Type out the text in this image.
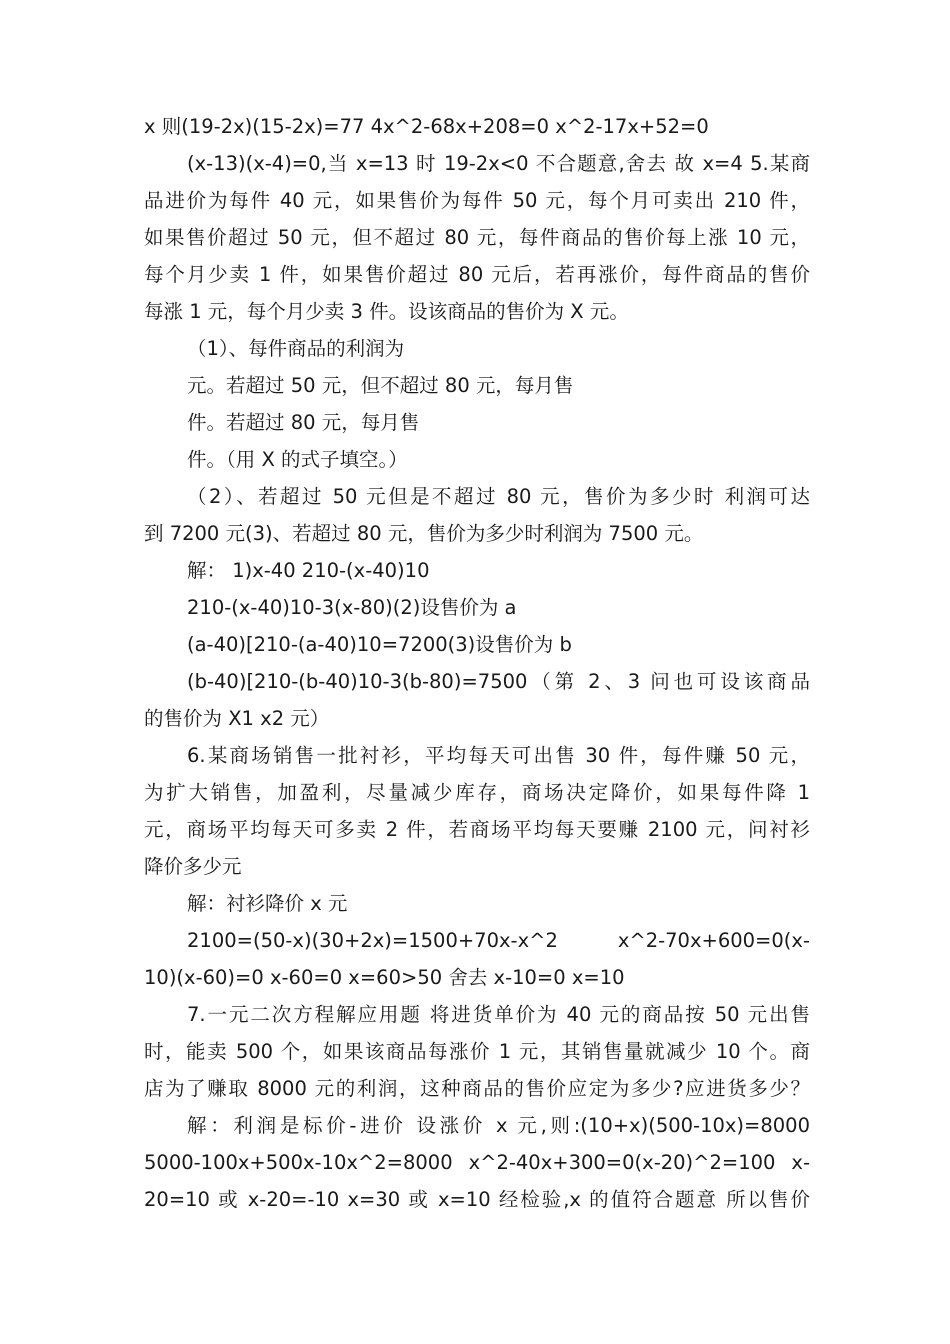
x 则(19-2x)(15-2x)=77 4x^2-68x+208=0 x^2-17x+52=0

(x-13)(x-4)=0,当 x=13 时 19-2x<0 不合题意,舍去 故 x=4 5.某商

品进价为每件 40 元，如果售价为每件 50 元，每个月可卖出 210 件，

如果售价超过 50 元，但不超过 80 元，每件商品的售价每上涨 10 元，

每个月少卖 1 件，如果售价超过 80 元后，若再涨价，每件商品的售价

每涨 1 元，每个月少卖 3 件。设该商品的售价为 X 元。

（1）、每件商品的利润为

元。若超过 50 元，但不超过 80 元，每月售

件。若超过 80 元，每月售

件。（用 X 的式子填空。）

（2）、若超过 50 元但是不超过 80 元，售价为多少时 利润可达

到 7200 元(3)、若超过 80 元，售价为多少时利润为 7500 元。

解： 1)x-40 210-(x-40)10

210-(x-40)10-3(x-80)(2)设售价为 a

(a-40)[210-(a-40)10=7200(3)设售价为 b

(b-40)[210-(b-40)10-3(b-80)=7500（第 2、3 问也可设该商品

的售价为 X1 x2 元）

6.某商场销售一批衬衫，平均每天可出售 30 件，每件赚 50 元，

为扩大销售，加盈利，尽量减少库存，商场决定降价，如果每件降 1

元，商场平均每天可多卖 2 件，若商场平均每天要赚 2100 元，问衬衫

降价多少元

解：衬衫降价 x 元

2100=(50-x)(30+2x)=1500+70x-x^2 x^2-70x+600=0(x-

10)(x-60)=0 x-60=0 x=60>50 舍去 x-10=0 x=10

7.一元二次方程解应用题 将进货单价为 40 元的商品按 50 元出售

时，能卖 500 个，如果该商品每涨价 1 元，其销售量就减少 10 个。商

店为了赚取 8000 元的利润，这种商品的售价应定为多少?应进货多少？

解：利润是标价-进价 设涨价 x 元,则:(10+x)(500-10x)=8000

5000-100x+500x-10x^2=8000 x^2-40x+300=0(x-20)^2=100 x-

20=10 或 x-20=-10 x=30 或 x=10 经检验,x 的值符合题意 所以售价
